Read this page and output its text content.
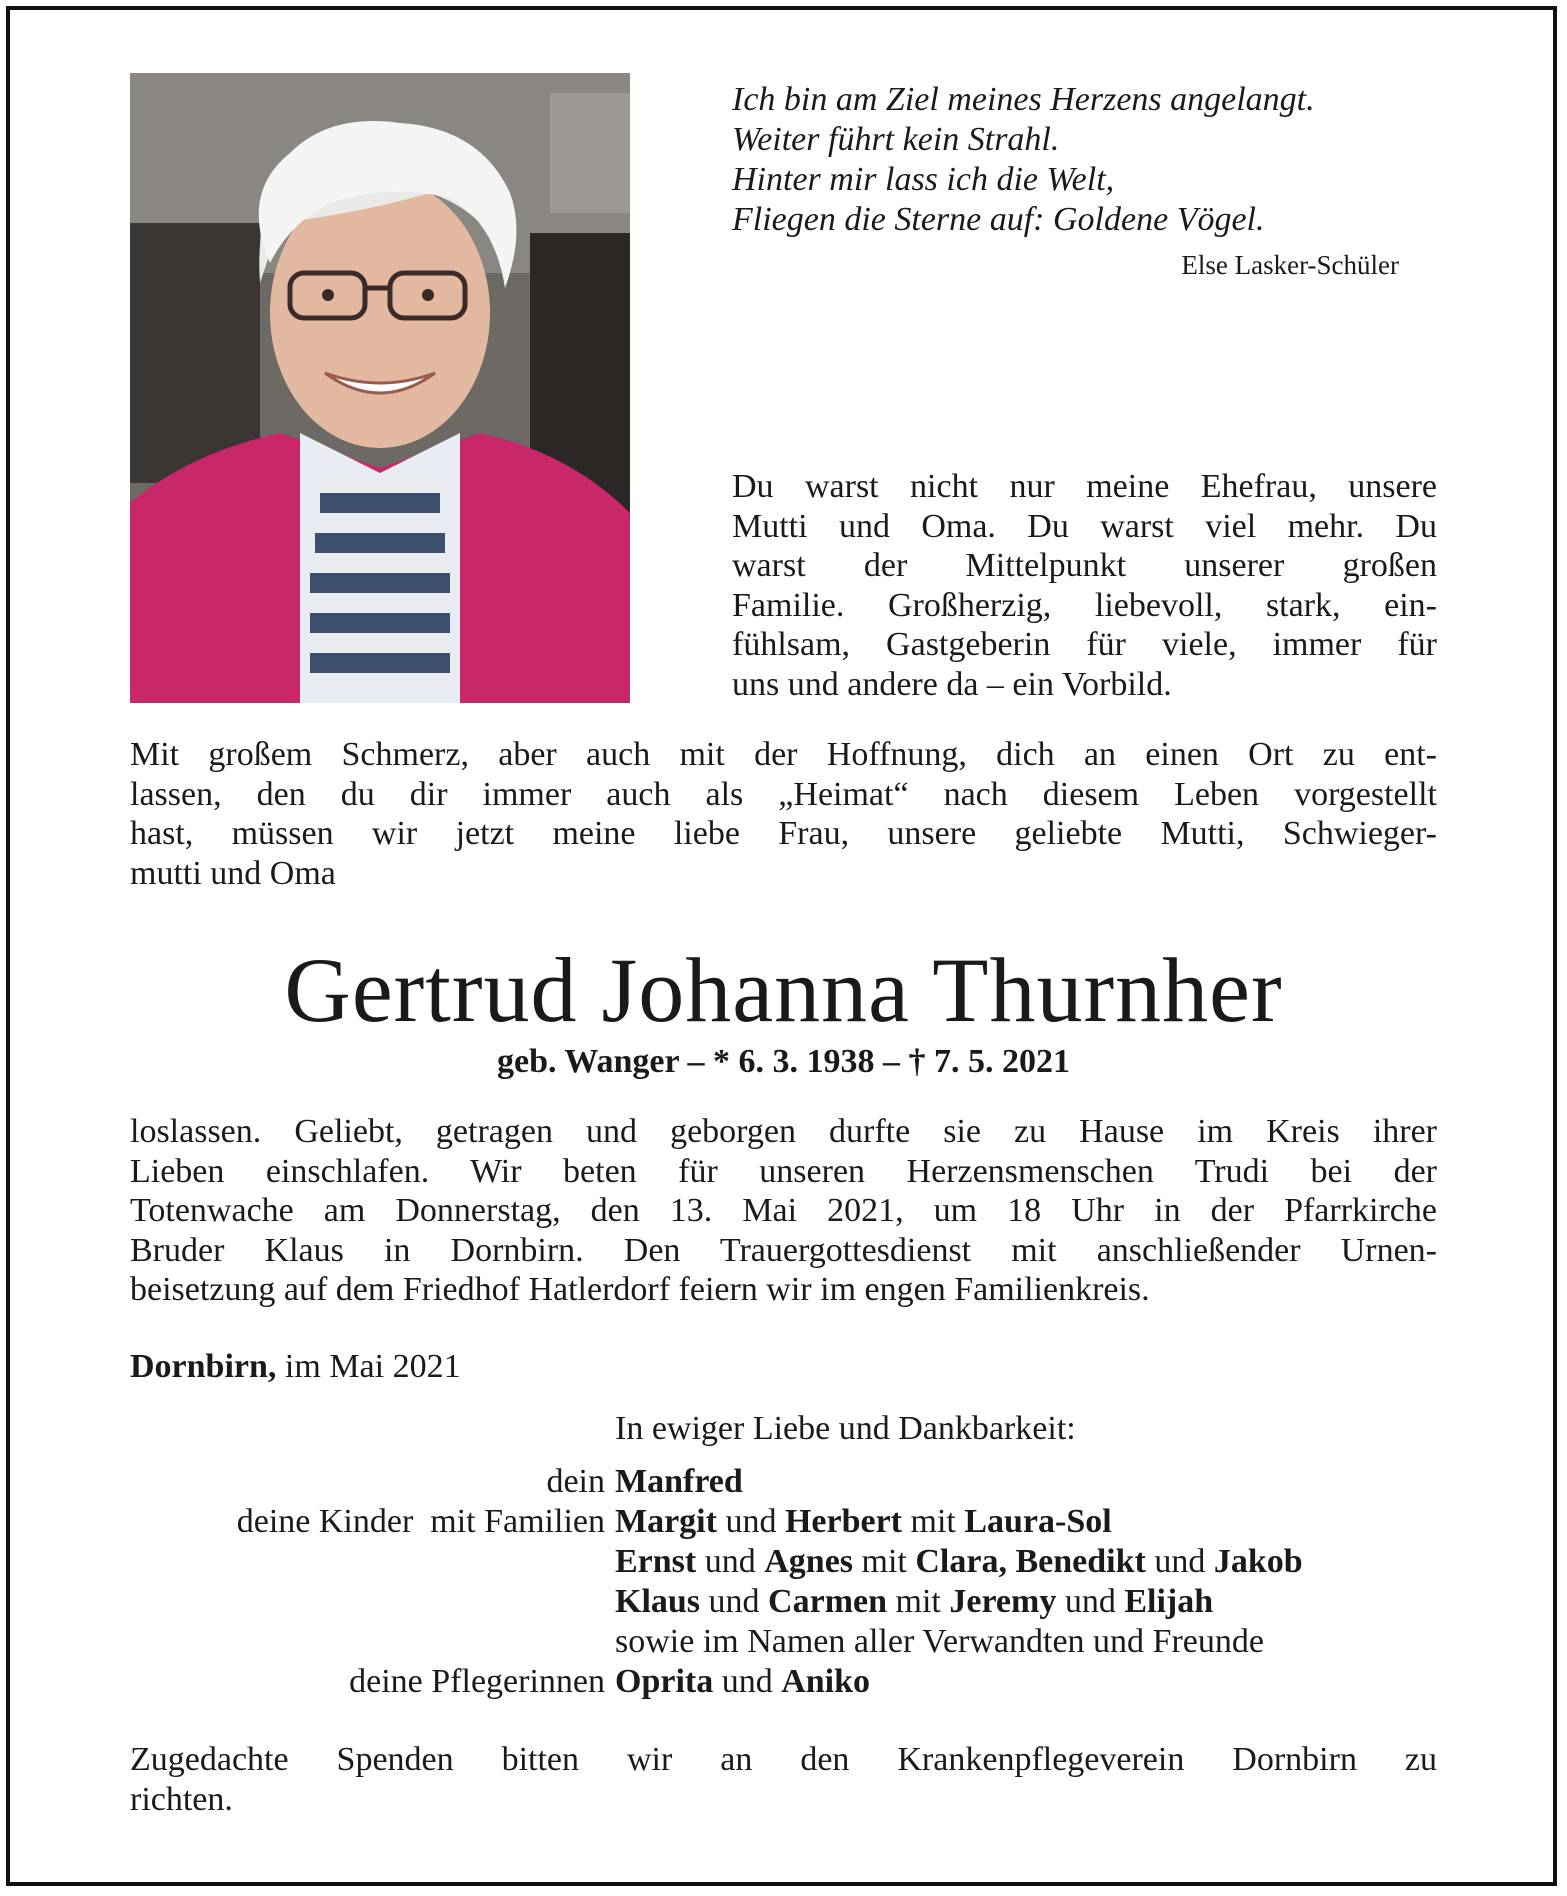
Ich bin am Ziel meines Herzens angelangt.
Weiter führt kein Strahl.
Hinter mir lass ich die Welt,
Fliegen die Sterne auf: Goldene Vögel.
Else Lasker-Schüler
Du warst nicht nur meine Ehefrau, unsere
Mutti und Oma. Du warst viel mehr. Du
warst der Mittelpunkt unserer großen
Familie. Großherzig, liebevoll, stark, ein-
fühlsam, Gastgeberin für viele, immer für
uns und andere da – ein Vorbild.
Mit großem Schmerz, aber auch mit der Hoffnung, dich an einen Ort zu ent-
lassen, den du dir immer auch als „Heimat“ nach diesem Leben vorgestellt
hast, müssen wir jetzt meine liebe Frau, unsere geliebte Mutti, Schwieger-
mutti und Oma
Gertrud Johanna Thurnher
geb. Wanger – * 6. 3. 1938 – † 7. 5. 2021
loslassen. Geliebt, getragen und geborgen durfte sie zu Hause im Kreis ihrer
Lieben einschlafen. Wir beten für unseren Herzensmenschen Trudi bei der
Totenwache am Donnerstag, den 13. Mai 2021, um 18 Uhr in der Pfarrkirche
Bruder Klaus in Dornbirn. Den Trauergottesdienst mit anschließender Urnen-
beisetzung auf dem Friedhof Hatlerdorf feiern wir im engen Familienkreis.
Dornbirn, im Mai 2021
In ewiger Liebe und Dankbarkeit:
dein Manfred
deine Kinder  mit Familien Margit und Herbert mit Laura-Sol
Ernst und Agnes mit Clara, Benedikt und Jakob
Klaus und Carmen mit Jeremy und Elijah
sowie im Namen aller Verwandten und Freunde
deine Pflegerinnen Oprita und Aniko
Zugedachte Spenden bitten wir an den Krankenpflegeverein Dornbirn zu
richten.
